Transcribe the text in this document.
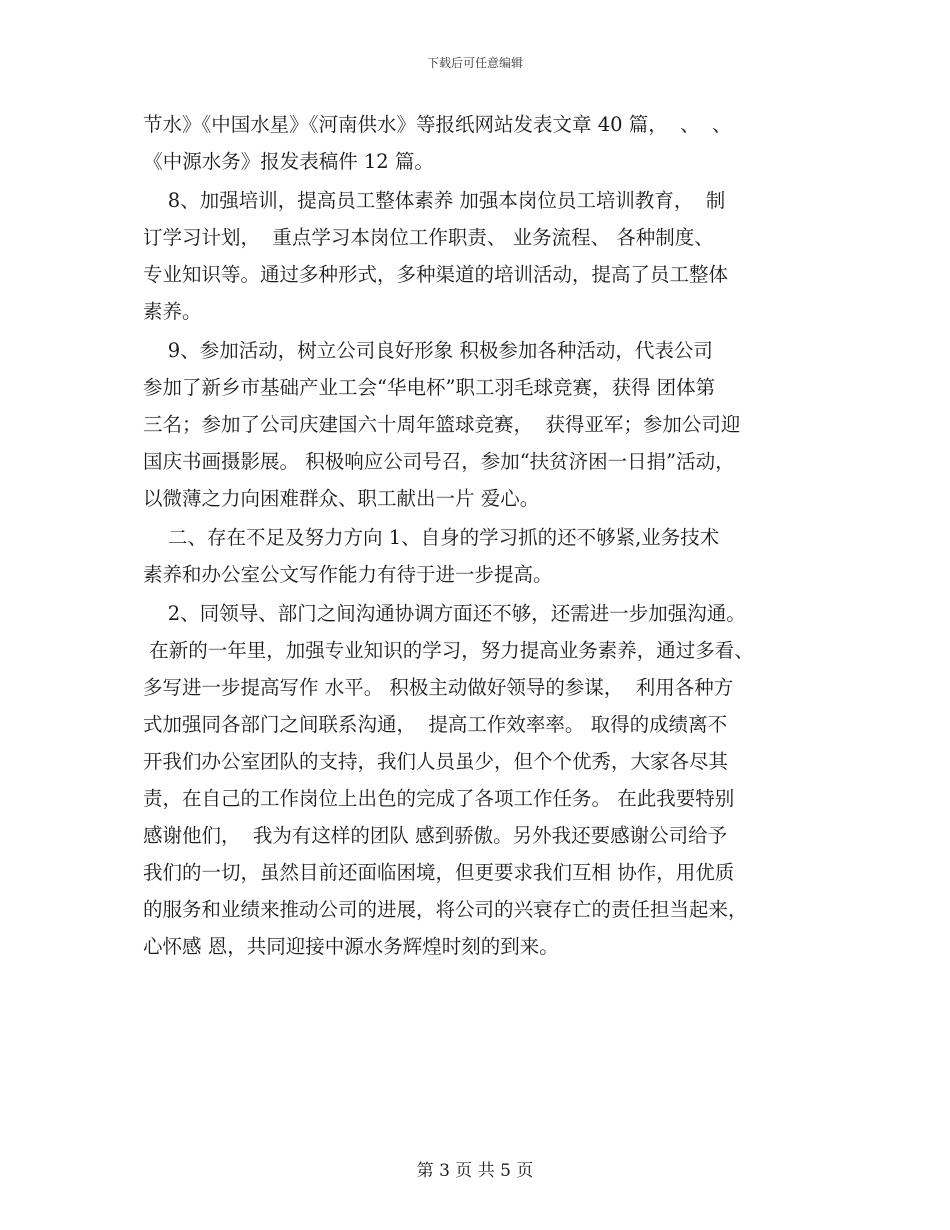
下载后可任意编辑
节水》《中国水星》《河南供水》等报纸网站发表文章 40 篇，  、  、
《中源水务》报发表稿件 12 篇。
8、加强培训，提高员工整体素养 加强本岗位员工培训教育，  制
订学习计划，  重点学习本岗位工作职责、 业务流程、 各种制度、
专业知识等。通过多种形式，多种渠道的培训活动，提高了员工整体
素养。
9、参加活动，树立公司良好形象 积极参加各种活动，代表公司
参加了新乡市基础产业工会“华电杯”职工羽毛球竞赛，获得 团体第
三名；参加了公司庆建国六十周年篮球竞赛，  获得亚军；参加公司迎
国庆书画摄影展。 积极响应公司号召，参加“扶贫济困一日捐”活动，
以微薄之力向困难群众、职工献出一片 爱心。
二、存在不足及努力方向 1、自身的学习抓的还不够紧,业务技术
素养和办公室公文写作能力有待于进一步提高。
2、同领导、部门之间沟通协调方面还不够，还需进一步加强沟通。
在新的一年里，加强专业知识的学习，努力提高业务素养，通过多看、
多写进一步提高写作 水平。 积极主动做好领导的参谋，  利用各种方
式加强同各部门之间联系沟通，  提高工作效率率。 取得的成绩离不
开我们办公室团队的支持，我们人员虽少，但个个优秀，大家各尽其
责，在自己的工作岗位上出色的完成了各项工作任务。 在此我要特别
感谢他们，  我为有这样的团队 感到骄傲。另外我还要感谢公司给予
我们的一切，虽然目前还面临困境，但更要求我们互相 协作，用优质
的服务和业绩来推动公司的进展，将公司的兴衰存亡的责任担当起来，
心怀感 恩，共同迎接中源水务辉煌时刻的到来。
第 3 页 共 5 页
